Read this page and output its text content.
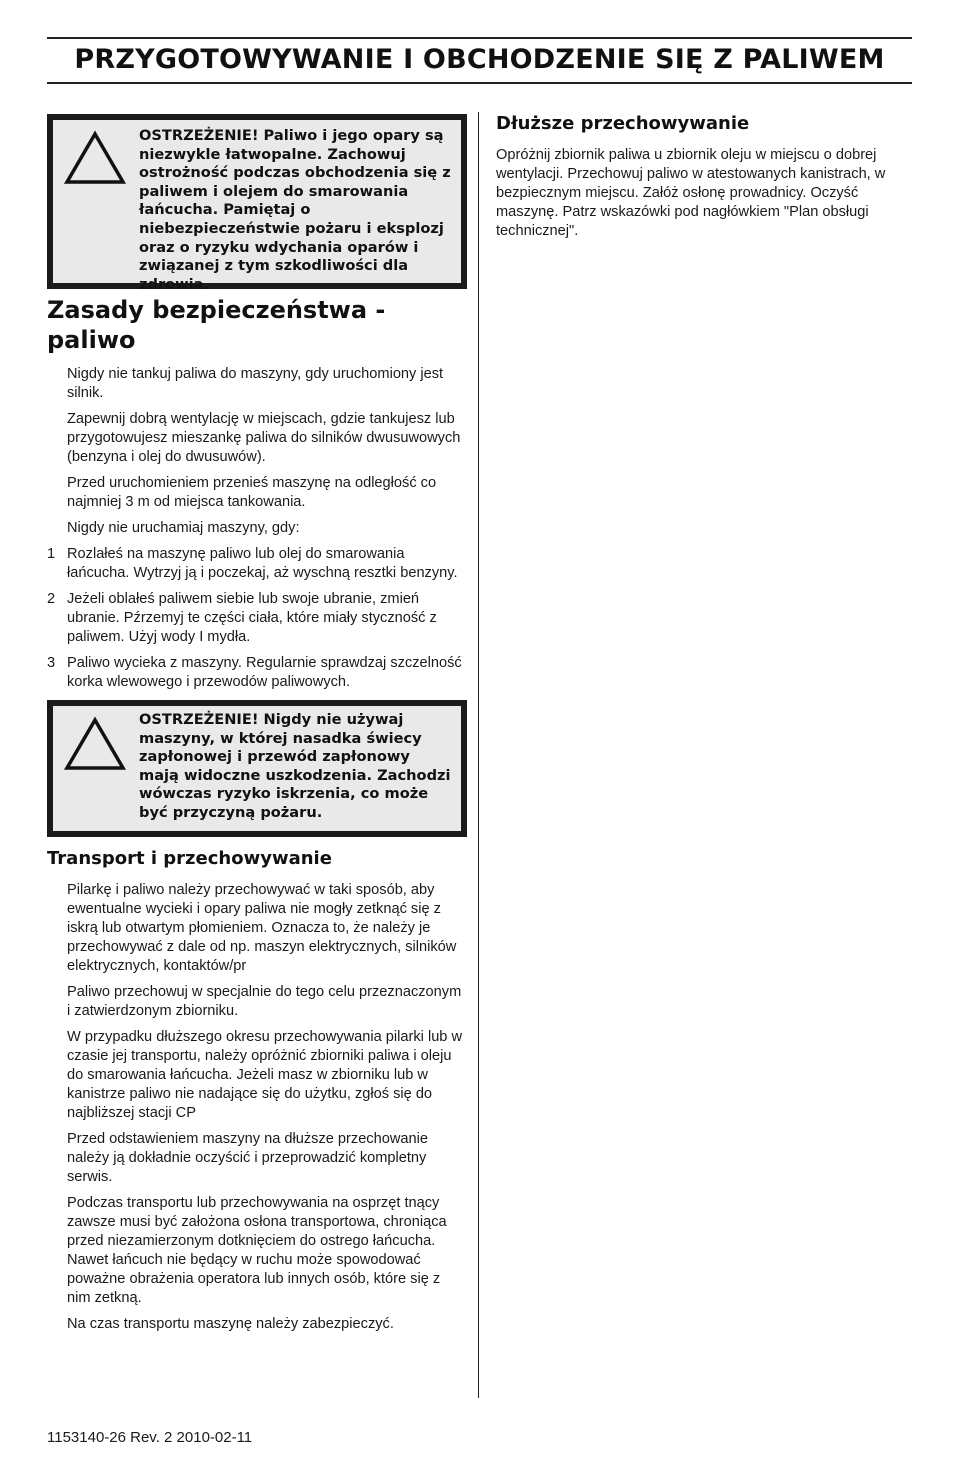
PRZYGOTOWYWANIE I OBCHODZENIE SIĘ Z PALIWEM

OSTRZEŻENIE! Paliwo i jego opary są niezwykle łatwopalne. Zachowuj ostrożność podczas obchodzenia się z paliwem i olejem do smarowania łańcucha. Pamiętaj o niebezpieczeństwie pożaru i eksplozj oraz o ryzyku wdychania oparów i związanej z tym szkodliwości dla zdrowia.

Zasady bezpieczeństwa - paliwo

Nigdy nie tankuj paliwa do maszyny, gdy uruchomiony jest silnik.

Zapewnij dobrą wentylację w miejscach, gdzie tankujesz lub przygotowujesz mieszankę paliwa do silników dwusuwowych (benzyna i olej do dwusuwów).

Przed uruchomieniem przenieś maszynę na odległość co najmniej 3 m od miejsca tankowania.

Nigdy nie uruchamiaj maszyny, gdy:

1 Rozlałeś na maszynę paliwo lub olej do smarowania łańcucha. Wytrzyj ją i poczekaj, aż wyschną resztki benzyny.
2 Jeżeli oblałeś paliwem siebie lub swoje ubranie, zmień ubranie. Pźrzemyj te części ciała, które miały styczność z paliwem. Użyj wody I mydła.
3 Paliwo wycieka z maszyny. Regularnie sprawdzaj szczelność korka wlewowego i przewodów paliwowych.

OSTRZEŻENIE! Nigdy nie używaj maszyny, w której nasadka świecy zapłonowej i przewód zapłonowy mają widoczne uszkodzenia. Zachodzi wówczas ryzyko iskrzenia, co może być przyczyną pożaru.

Transport i przechowywanie

Pilarkę i paliwo należy przechowywać w taki sposób, aby ewentualne wycieki i opary paliwa nie mogły zetknąć się z iskrą lub otwartym płomieniem. Oznacza to, że należy je przechowywać z dale od np. maszyn elektrycznych, silników elektrycznych, kontaktów/pr

Paliwo przechowuj w specjalnie do tego celu przeznaczonym i zatwierdzonym zbiorniku.

W przypadku dłuższego okresu przechowywania pilarki lub w czasie jej transportu, należy opróżnić zbiorniki paliwa i oleju do smarowania łańcucha. Jeżeli masz w zbiorniku lub w kanistrze paliwo nie nadające się do użytku, zgłoś się do najbliższej stacji CP

Przed odstawieniem maszyny na dłuższe przechowanie należy ją dokładnie oczyścić i przeprowadzić kompletny serwis.

Podczas transportu lub przechowywania na osprzęt tnący zawsze musi być założona osłona transportowa, chroniąca przed niezamierzonym dotknięciem do ostrego łańcucha. Nawet łańcuch nie będący w ruchu może spowodować poważne obrażenia operatora lub innych osób, które się z nim zetkną.

Na czas transportu maszynę należy zabezpieczyć.

Dłuższe przechowywanie

Opróżnij zbiornik paliwa u zbiornik oleju w miejscu o dobrej wentylacji. Przechowuj paliwo w atestowanych kanistrach, w bezpiecznym miejscu. Załóż osłonę prowadnicy. Oczyść maszynę. Patrz wskazówki pod nagłówkiem "Plan obsługi technicznej".

1153140-26 Rev. 2 2010-02-11
